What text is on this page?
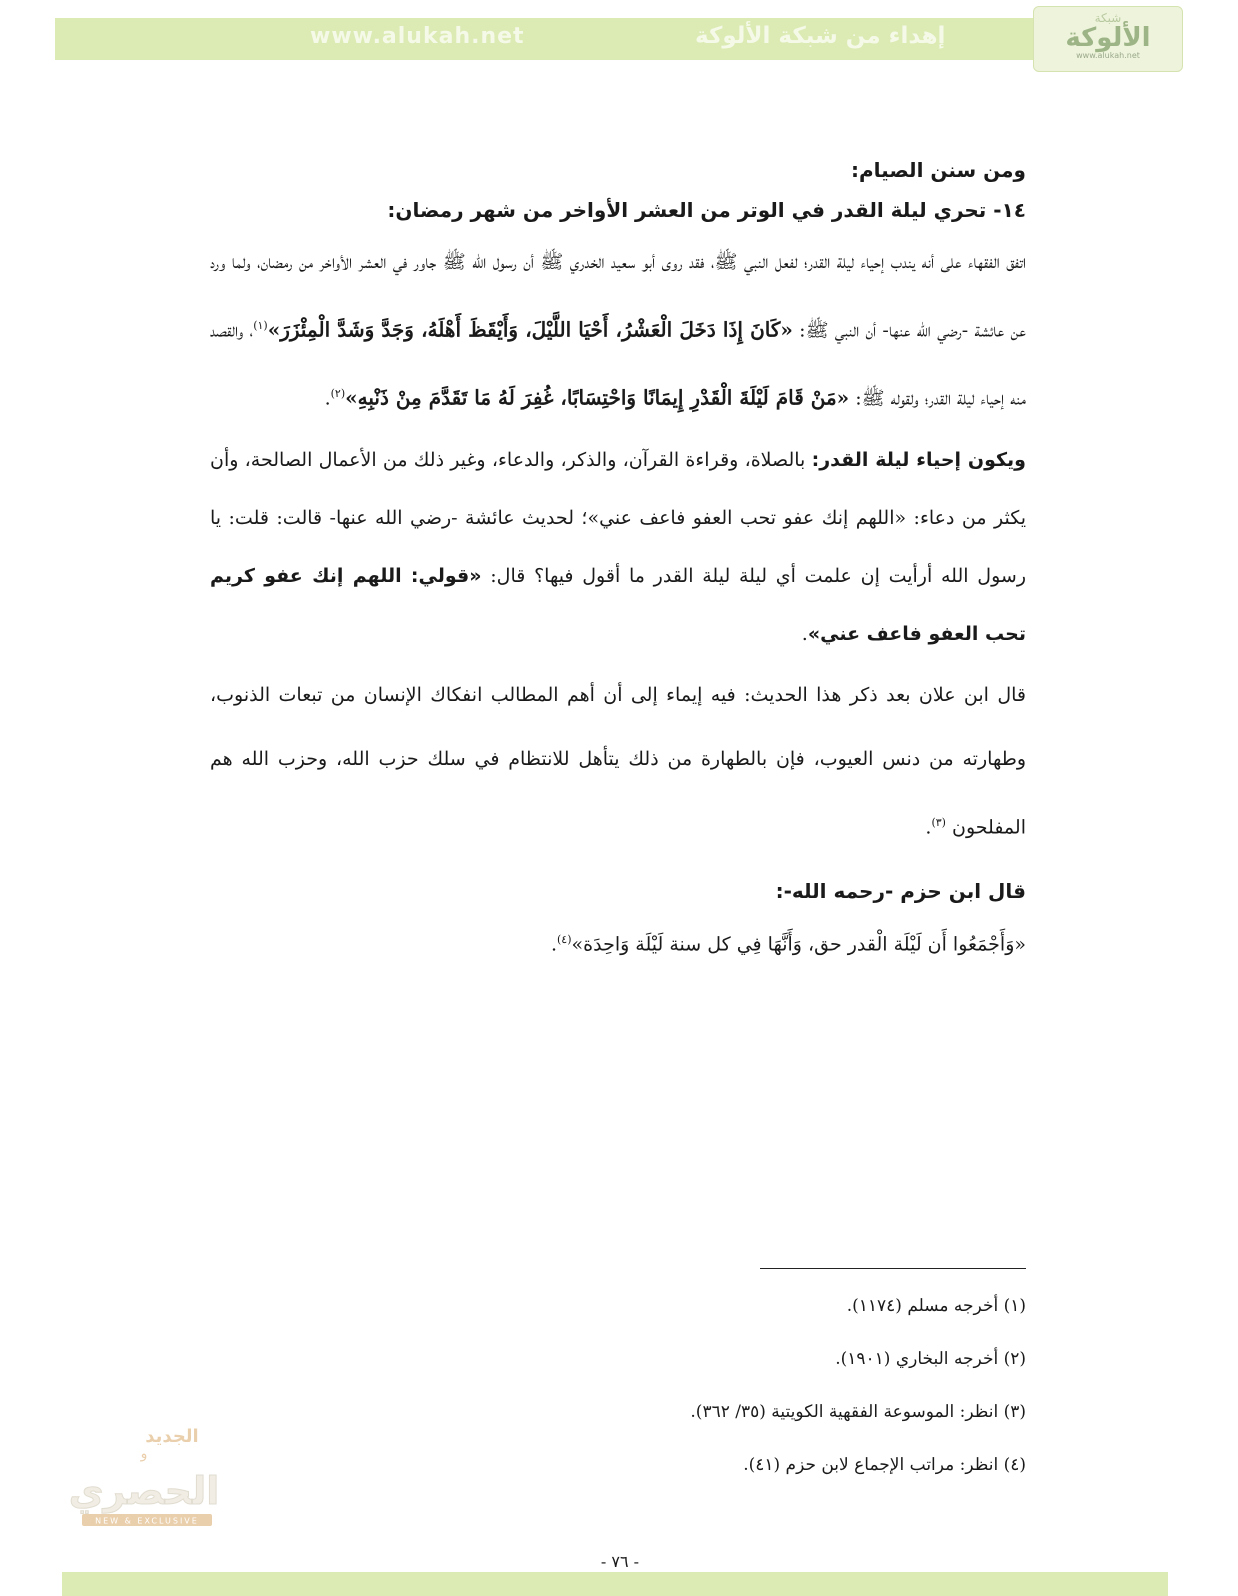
www.alukah.net	إهداء من شبكة الألوكة
شبكة
الألوكة
www.alukah.net

ومن سنن الصيام:

١٤- تحري ليلة القدر في الوتر من العشر الأواخر من شهر رمضان:

اتفق الفقهاء على أنه يندب إحياء ليلة القدر؛ لفعل النبي ﷺ، فقد روى أبو سعيد الخدري ﷺ أن رسول الله ﷺ جاور في العشر الأواخر من رمضان، ولما ورد عن عائشة -رضي الله عنها- أن النبي ﷺ: «كَانَ إِذَا دَخَلَ الْعَشْرُ، أَحْيَا اللَّيْلَ، وَأَيْقَظَ أَهْلَهُ، وَجَدَّ وَشَدَّ الْمِئْزَرَ»$^{(١)}$، والقصد منه إحياء ليلة القدر؛ ولقوله ﷺ: «مَنْ قَامَ لَيْلَةَ الْقَدْرِ إِيمَانًا وَاحْتِسَابًا، غُفِرَ لَهُ مَا تَقَدَّمَ مِنْ ذَنْبِهِ»$^{(٢)}$.

ويكون إحياء ليلة القدر: بالصلاة، وقراءة القرآن، والذكر، والدعاء، وغير ذلك من الأعمال الصالحة، وأن يكثر من دعاء: «اللهم إنك عفو تحب العفو فاعف عني»؛ لحديث عائشة -رضي الله عنها- قالت: قلت: يا رسول الله أرأيت إن علمت أي ليلة ليلة القدر ما أقول فيها؟ قال: «قولي: اللهم إنك عفو كريم تحب العفو فاعف عني».

قال ابن علان بعد ذكر هذا الحديث: فيه إيماء إلى أن أهم المطالب انفكاك الإنسان من تبعات الذنوب، وطهارته من دنس العيوب، فإن بالطهارة من ذلك يتأهل للانتظام في سلك حزب الله، وحزب الله هم المفلحون $^{(٣)}$.

قال ابن حزم -رحمه الله-:

«وَأَجْمَعُوا أَن لَيْلَة الْقدر حق، وَأَنَّهَا فِي كل سنة لَيْلَة وَاحِدَة»$^{(٤)}$.

(١) أخرجه مسلم (١١٧٤).

(٢) أخرجه البخاري (١٩٠١).

(٣) انظر: الموسوعة الفقهية الكويتية (٣٥/ ٣٦٢).

(٤) انظر: مراتب الإجماع لابن حزم (٤١).

الجديد
و
الحصري
NEW & EXCLUSIVE
- ٧٦ -
